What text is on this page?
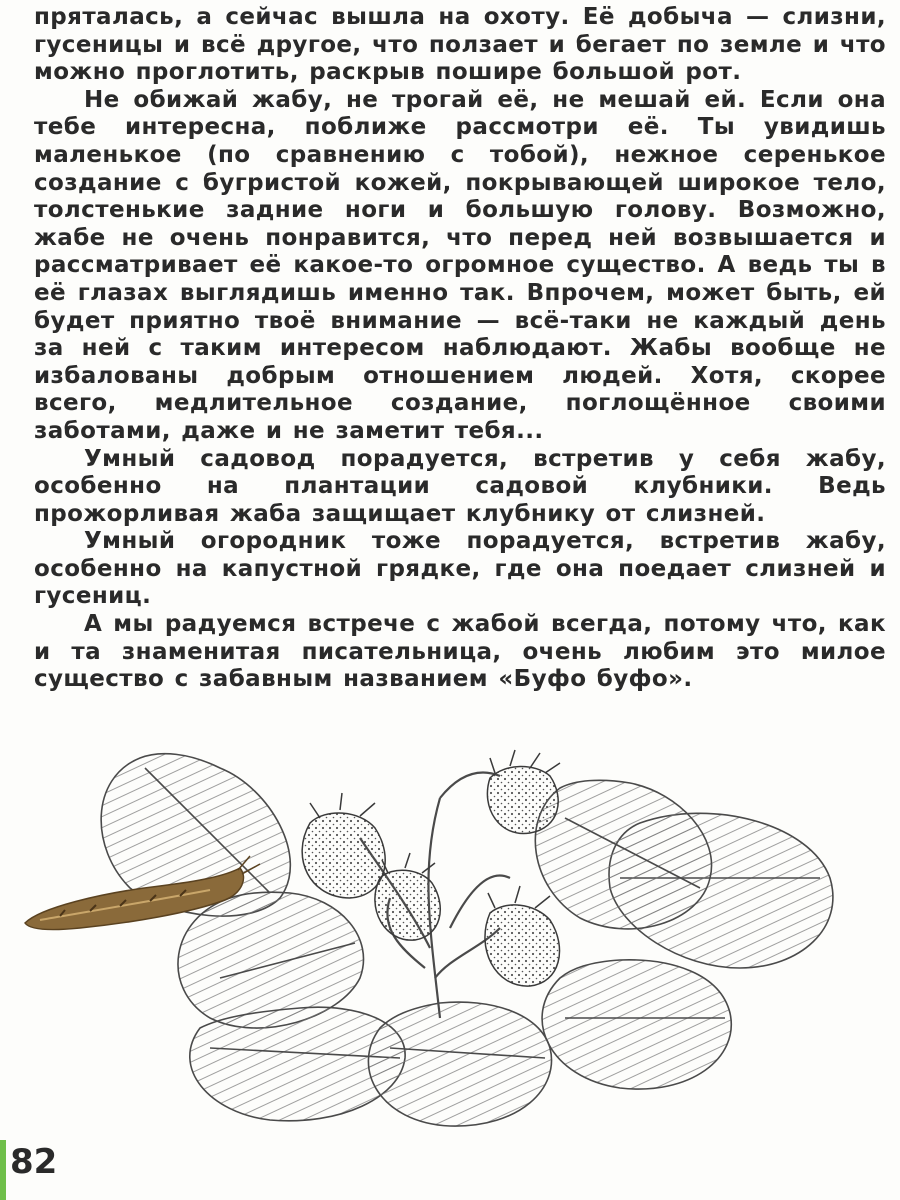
пряталась, а сейчас вышла на охоту. Её добыча — слизни, гусеницы и всё другое, что ползает и бегает по земле и что можно проглотить, раскрыв пошире большой рот.

Не обижай жабу, не трогай её, не мешай ей. Если она тебе интересна, поближе рассмотри её. Ты увидишь маленькое (по сравнению с тобой), нежное серенькое создание с бугристой кожей, покрывающей широкое тело, толстенькие задние ноги и большую голову. Возможно, жабе не очень понравится, что перед ней возвышается и рассматривает её какое-то огромное существо. А ведь ты в её глазах выглядишь именно так. Впрочем, может быть, ей будет приятно твоё внимание — всё-таки не каждый день за ней с таким интересом наблюдают. Жабы вообще не избалованы добрым отношением людей. Хотя, скорее всего, медлительное создание, поглощённое своими заботами, даже и не заметит тебя...

Умный садовод порадуется, встретив у себя жабу, особенно на плантации садовой клубники. Ведь прожорливая жаба защищает клубнику от слизней.

Умный огородник тоже порадуется, встретив жабу, особенно на капустной грядке, где она поедает слизней и гусениц.

А мы радуемся встрече с жабой всегда, потому что, как и та знаменитая писательница, очень любим это милое существо с забавным названием «Буфо буфо».

82
